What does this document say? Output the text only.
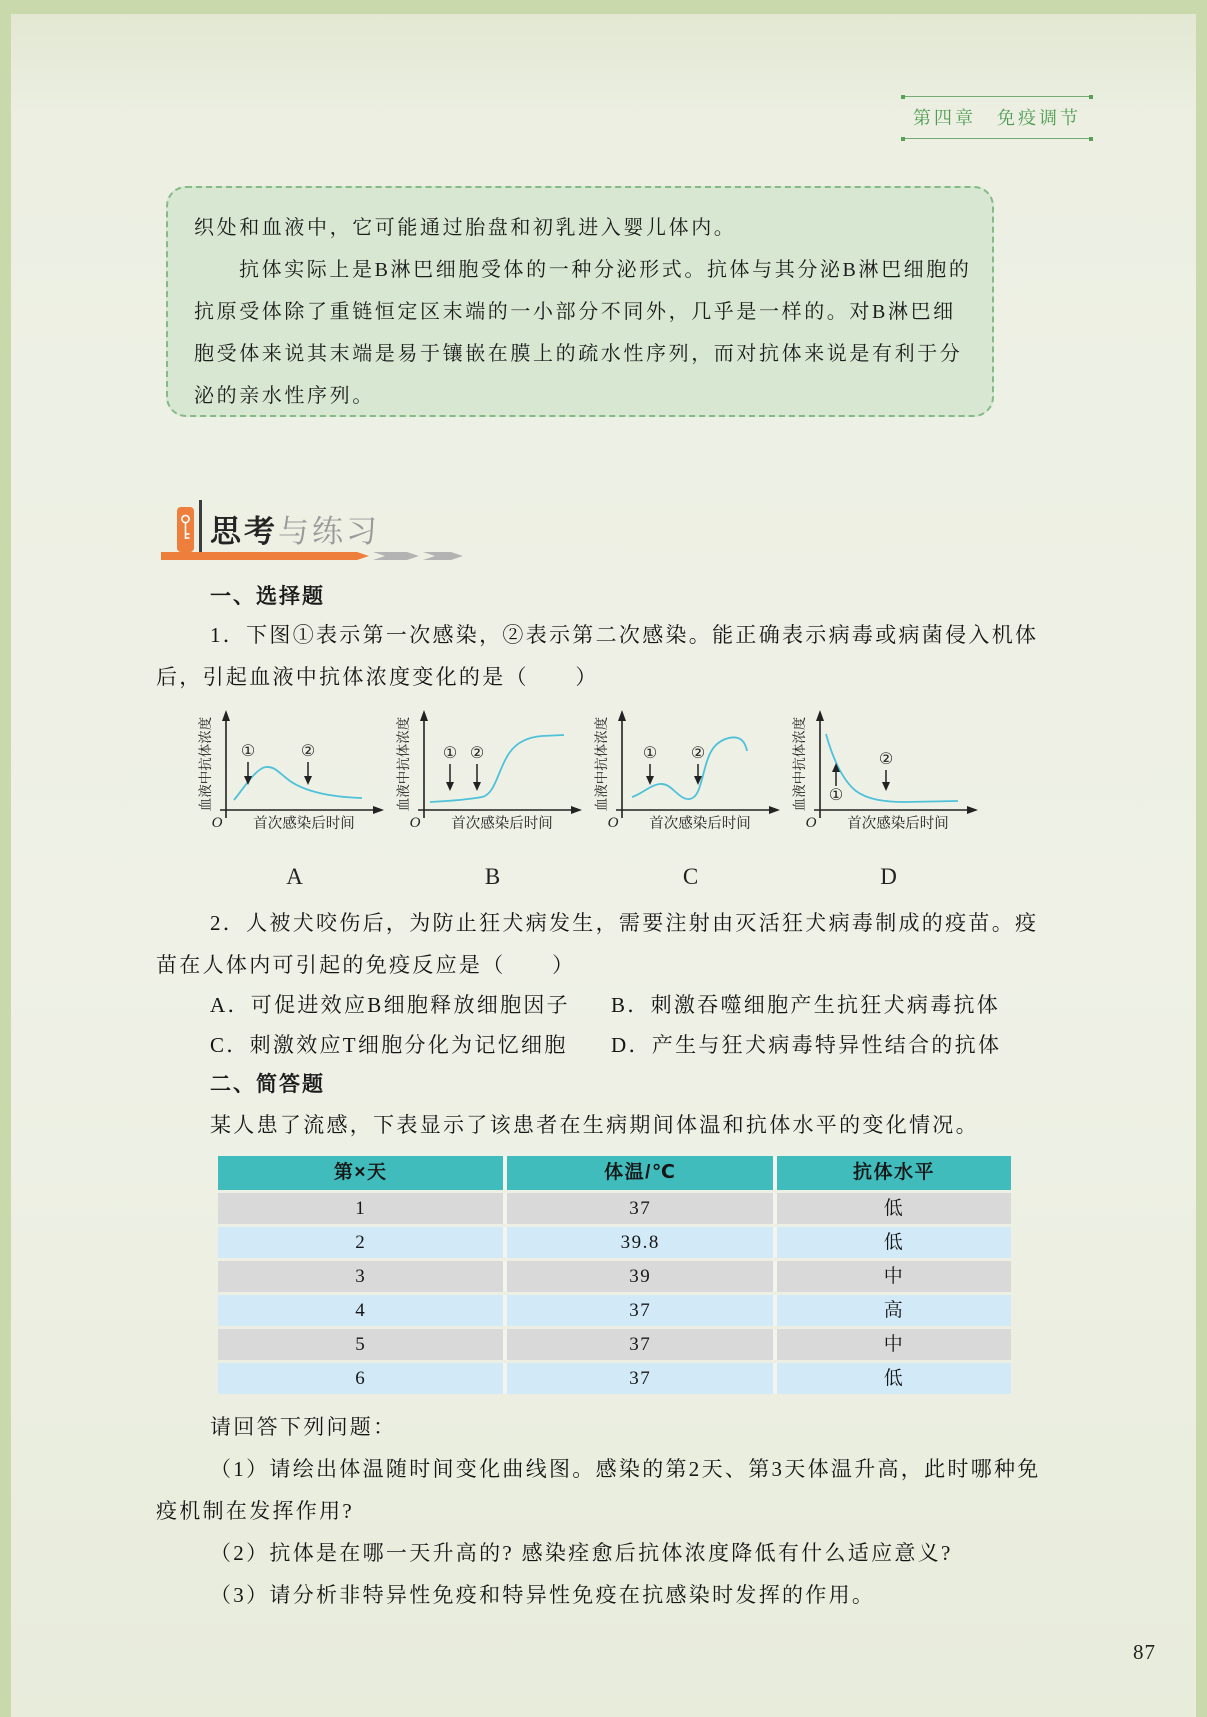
第四章　免疫调节
织处和血液中，它可能通过胎盘和初乳进入婴儿体内。
抗体实际上是B淋巴细胞受体的一种分泌形式。抗体与其分泌B淋巴细胞的
抗原受体除了重链恒定区末端的一小部分不同外，几乎是一样的。对B淋巴细
胞受体来说其末端是易于镶嵌在膜上的疏水性序列，而对抗体来说是有利于分
泌的亲水性序列。
思考与练习
一、选择题
1．下图①表示第一次感染，②表示第二次感染。能正确表示病毒或病菌侵入机体
后，引起血液中抗体浓度变化的是（　　）
血液中抗体浓度
O 首次感染后时间
①	②
A
血液中抗体浓度
O 首次感染后时间
① ②
B
血液中抗体浓度
O 首次感染后时间
① ②
C
血液中抗体浓度
O 首次感染后时间
①
②
D
2．人被犬咬伤后，为防止狂犬病发生，需要注射由灭活狂犬病毒制成的疫苗。疫
苗在人体内可引起的免疫反应是（　　）
A．可促进效应B细胞释放细胞因子 B．刺激吞噬细胞产生抗狂犬病毒抗体
C．刺激效应T细胞分化为记忆细胞 D．产生与狂犬病毒特异性结合的抗体
二、简答题
某人患了流感，下表显示了该患者在生病期间体温和抗体水平的变化情况。
第×天	体温/℃	抗体水平
1	37	低
2	39.8	低
3	39	中
4	37	高
5	37	中
6	37	低
请回答下列问题：
（1）请绘出体温随时间变化曲线图。感染的第2天、第3天体温升高，此时哪种免
疫机制在发挥作用?
（2）抗体是在哪一天升高的? 感染痊愈后抗体浓度降低有什么适应意义?
（3）请分析非特异性免疫和特异性免疫在抗感染时发挥的作用。
87
